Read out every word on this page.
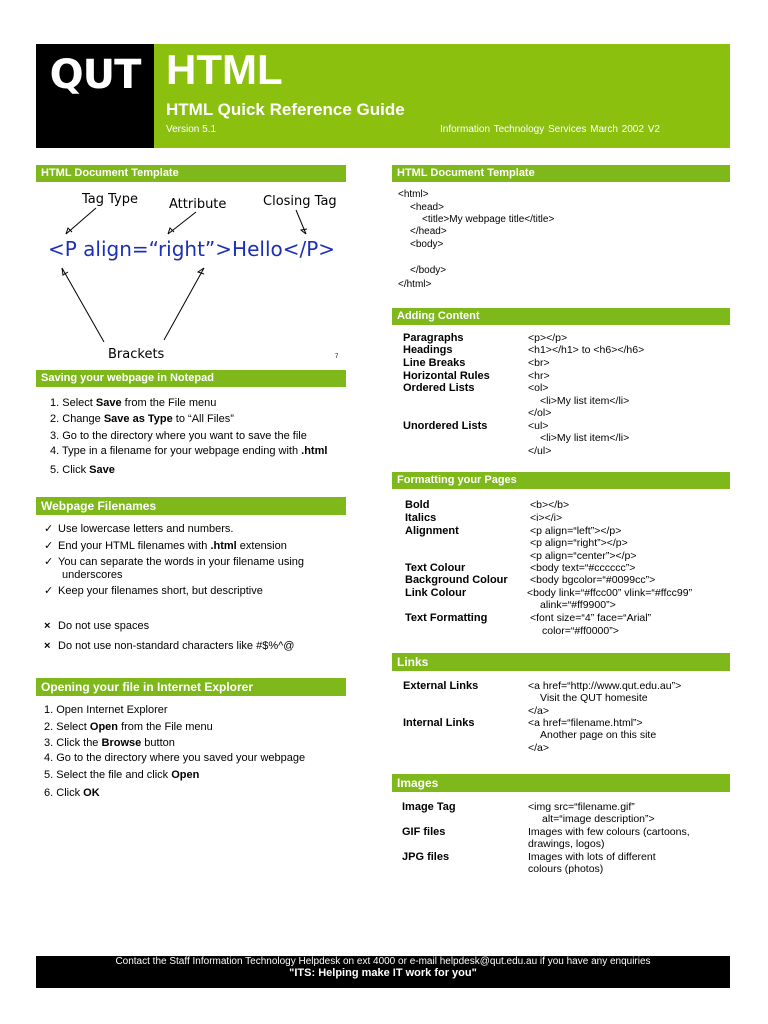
QUT HTML
HTML Quick Reference Guide
Version 5.1	Information Technology Services March 2002 V2
HTML Document Template
Tag Type Attribute	Closing Tag
<P align=“right”>Hello</P>
Brackets	7
Saving your webpage in Notepad
1. Select Save from the File menu
2. Change Save as Type to “All Files”
3. Go to the directory where you want to save the file
4. Type in a filename for your webpage ending with .html
5. Click Save
Webpage Filenames
✓ Use lowercase letters and numbers.
✓ End your HTML filenames with .html extension
✓ You can separate the words in your filename using
underscores
✓ Keep your filenames short, but descriptive
× Do not use spaces
× Do not use non-standard characters like #$%^@
Opening your file in Internet Explorer
1. Open Internet Explorer
2. Select Open from the File menu
3. Click the Browse button
4. Go to the directory where you saved your webpage
5. Select the file and click Open
6. Click OK
HTML Document Template
<html>
<head>
<title>My webpage title</title>
</head>
<body>
</body>
</html>
Adding Content
Paragraphs	<p></p>
Headings	<h1></h1> to <h6></h6>
Line Breaks	<br>
Horizontal Rules	<hr>
Ordered Lists	<ol>
<li>My list item</li>
</ol>
Unordered Lists	<ul>
<li>My list item</li>
</ul>
Formatting your Pages
Bold	<b></b>
Italics	<i></i>
Alignment	<p align=“left”></p>
<p align=“right”></p>
<p align=“center”></p>
Text Colour	<body text=“#cccccc”>
Background Colour <body bgcolor=“#0099cc”>
Link Colour	<body link=“#ffcc00” vlink=“#ffcc99”
alink=“#ff9900”>
Text Formatting	<font size=“4” face=“Arial”
color=“#ff0000”>
Links
External Links	<a href=“http://www.qut.edu.au”>
Visit the QUT homesite
</a>
Internal Links	<a href=“filename.html”>
Another page on this site
</a>
Images
Image Tag	<img src=“filename.gif”
alt=“image description”>
GIF files	Images with few colours (cartoons,
drawings, logos)
JPG files	Images with lots of different
colours (photos)
Contact the Staff Information Technology Helpdesk on ext 4000 or e-mail helpdesk@qut.edu.au if you have any enquiries
"ITS: Helping make IT work for you"
